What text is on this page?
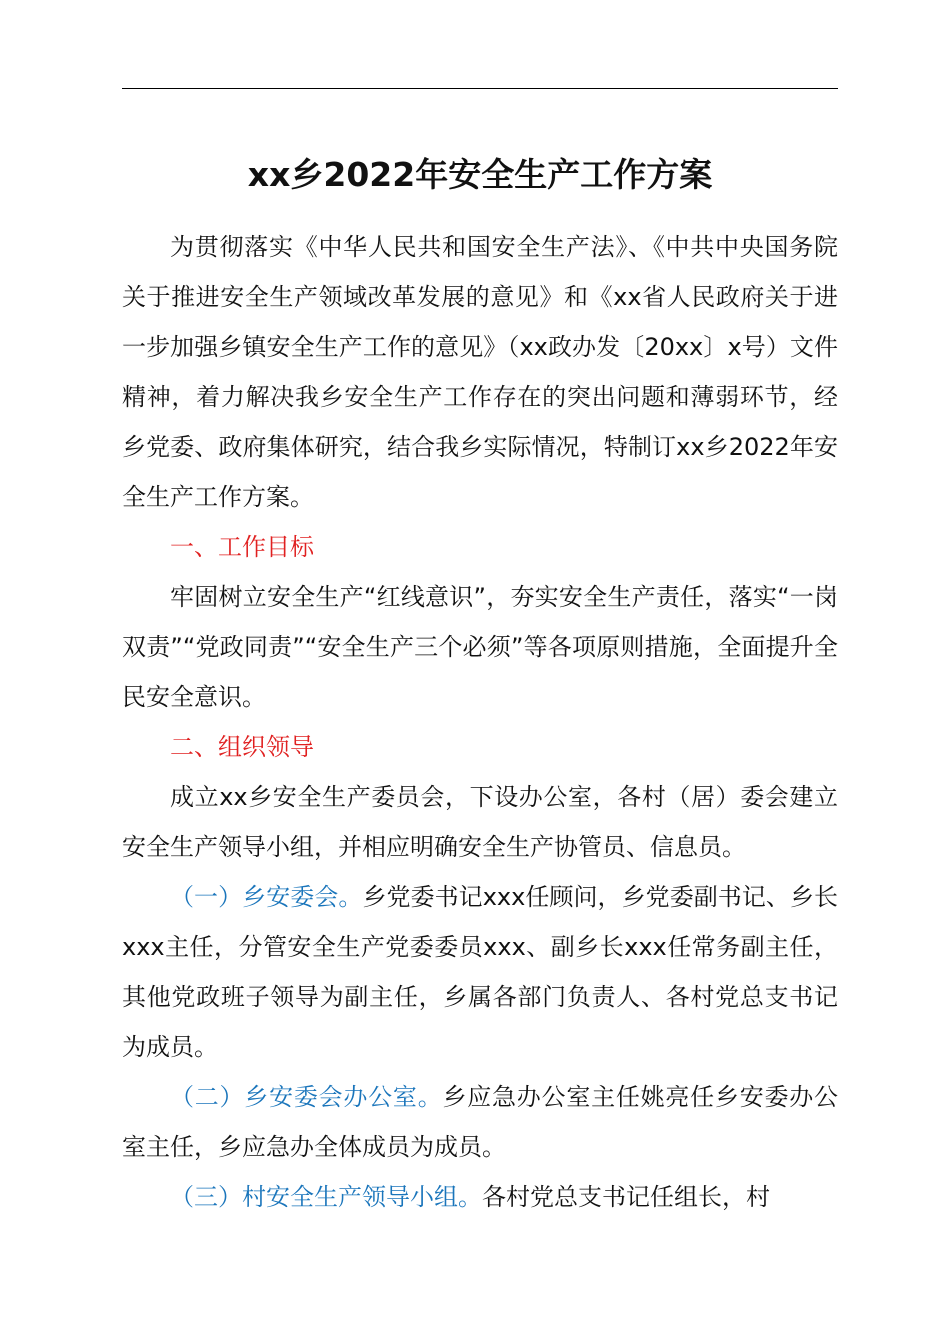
xx乡2022年安全生产工作方案

为贯彻落实《中华人民共和国安全生产法》、《中共中央国务院关于推进安全生产领域改革发展的意见》和《xx省人民政府关于进一步加强乡镇安全生产工作的意见》（xx政办发〔20xx〕x号）文件精神，着力解决我乡安全生产工作存在的突出问题和薄弱环节，经乡党委、政府集体研究，结合我乡实际情况，特制订xx乡2022年安全生产工作方案。

一、工作目标

牢固树立安全生产“红线意识”，夯实安全生产责任，落实“一岗双责”“党政同责”“安全生产三个必须”等各项原则措施，全面提升全民安全意识。

二、组织领导

成立xx乡安全生产委员会，下设办公室，各村（居）委会建立安全生产领导小组，并相应明确安全生产协管员、信息员。

（一）乡安委会。乡党委书记xxx任顾问，乡党委副书记、乡长xxx主任，分管安全生产党委委员xxx、副乡长xxx任常务副主任，其他党政班子领导为副主任，乡属各部门负责人、各村党总支书记为成员。

（二）乡安委会办公室。乡应急办公室主任姚亮任乡安委办公室主任，乡应急办全体成员为成员。

（三）村安全生产领导小组。各村党总支书记任组长，村
